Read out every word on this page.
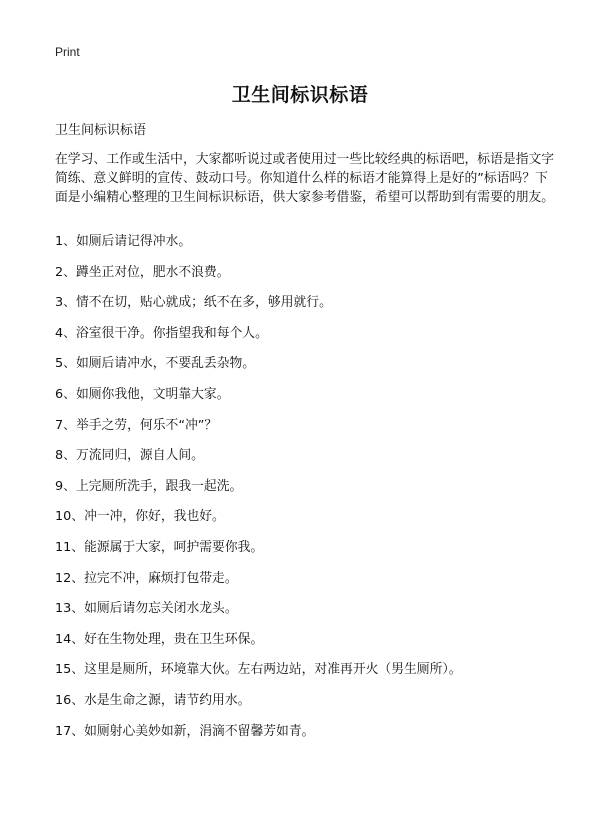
Print
卫生间标识标语
卫生间标识标语

在学习、工作或生活中，大家都听说过或者使用过一些比较经典的标语吧，标语是指文字简练、意义鲜明的宣传、鼓动口号。你知道什么样的标语才能算得上是好的”标语吗？下面是小编精心整理的卫生间标识标语，供大家参考借鉴，希望可以帮助到有需要的朋友。

1、如厕后请记得冲水。
2、蹲坐正对位，肥水不浪费。
3、情不在切，贴心就成；纸不在多，够用就行。
4、浴室很干净。你指望我和每个人。
5、如厕后请冲水，不要乱丢杂物。
6、如厕你我他，文明靠大家。
7、举手之劳，何乐不“冲”？
8、万流同归，源自人间。
9、上完厕所洗手，跟我一起洗。
10、冲一冲，你好，我也好。
11、能源属于大家，呵护需要你我。
12、拉完不冲，麻烦打包带走。
13、如厕后请勿忘关闭水龙头。
14、好在生物处理，贵在卫生环保。
15、这里是厕所，环境靠大伙。左右两边站，对准再开火（男生厕所）。
16、水是生命之源，请节约用水。
17、如厕射心美妙如新，涓滴不留馨芳如青。
